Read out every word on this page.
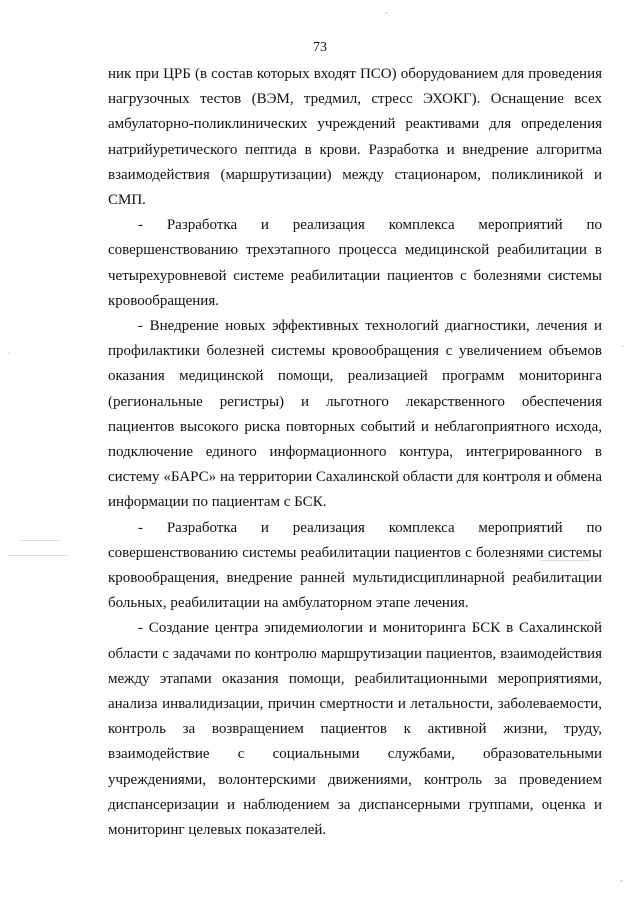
73

ник при ЦРБ (в состав которых входят ПСО) оборудованием для проведения нагрузочных тестов (ВЭМ, тредмил, стресс ЭХОКГ). Оснащение всех амбулаторно-поликлинических учреждений реактивами для определения натрийуретического пептида в крови. Разработка и внедрение алгоритма взаимодействия (маршрутизации) между стационаром, поликлиникой и СМП.

- Разработка и реализация комплекса мероприятий по совершенствованию трехэтапного процесса медицинской реабилитации в четырехуровневой системе реабилитации пациентов с болезнями системы кровообращения.

- Внедрение новых эффективных технологий диагностики, лечения и профилактики болезней системы кровообращения с увеличением объемов оказания медицинской помощи, реализацией программ мониторинга (региональные регистры) и льготного лекарственного обеспечения пациентов высокого риска повторных событий и неблагоприятного исхода, подключение единого информационного контура, интегрированного в систему «БАРС» на территории Сахалинской области для контроля и обмена информации по пациентам с БСК.

- Разработка и реализация комплекса мероприятий по совершенствованию системы реабилитации пациентов с болезнями системы кровообращения, внедрение ранней мультидисциплинарной реабилитации больных, реабилитации на амбулаторном этапе лечения.

- Создание центра эпидемиологии и мониторинга БСК в Сахалинской области с задачами по контролю маршрутизации пациентов, взаимодействия между этапами оказания помощи, реабилитационными мероприятиями, анализа инвалидизации, причин смертности и летальности, заболеваемости, контроль за возвращением пациентов к активной жизни, труду, взаимодействие с социальными службами, образовательными учреждениями, волонтерскими движениями, контроль за проведением диспансеризации и наблюдением за диспансерными группами, оценка и мониторинг целевых показателей.
